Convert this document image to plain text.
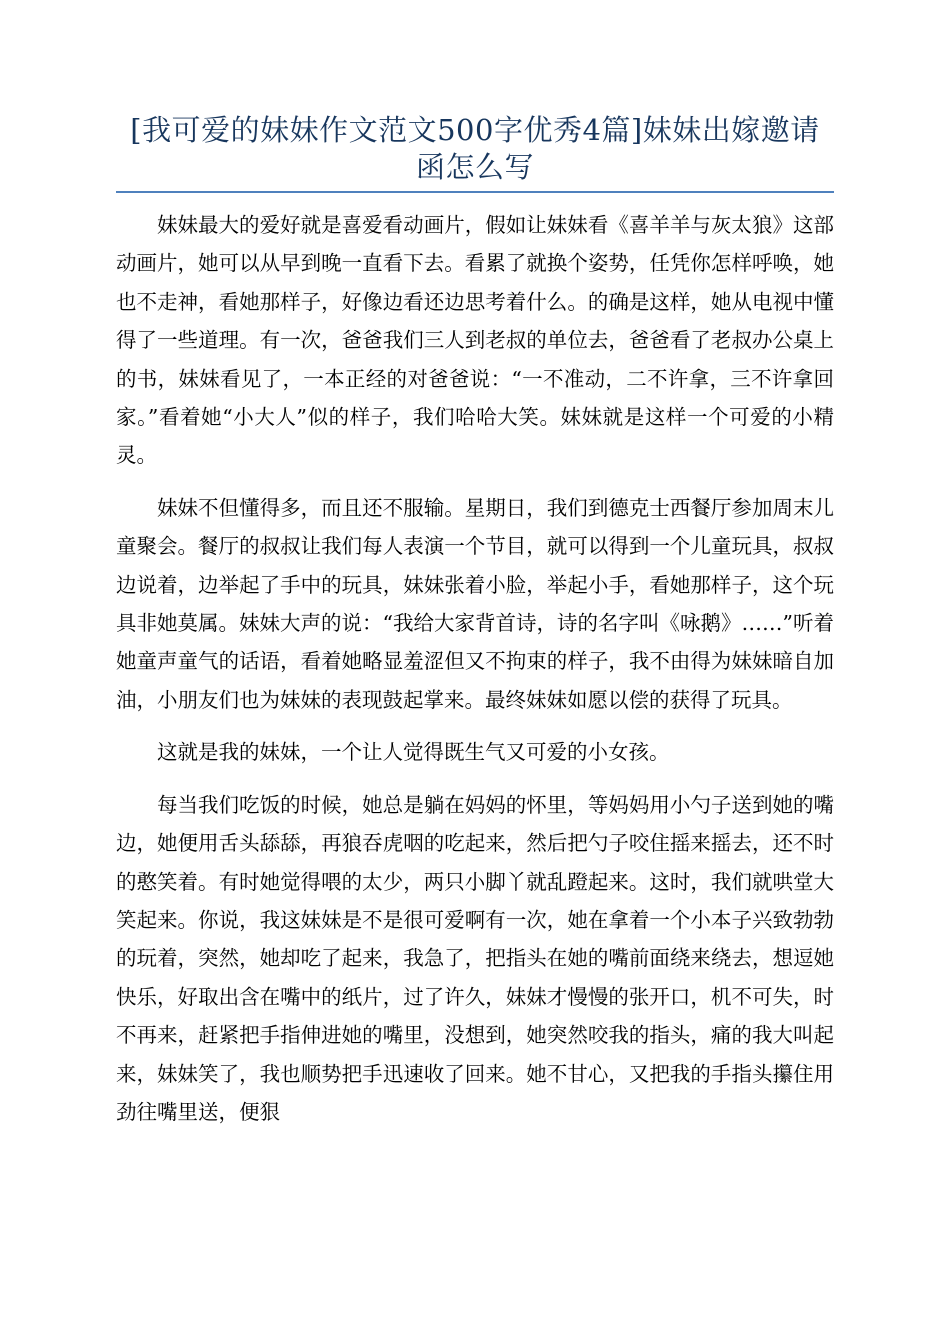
[我可爱的妹妹作文范文500字优秀4篇]妹妹出嫁邀请函怎么写

妹妹最大的爱好就是喜爱看动画片，假如让妹妹看《喜羊羊与灰太狼》这部动画片，她可以从早到晚一直看下去。看累了就换个姿势，任凭你怎样呼唤，她也不走神，看她那样子，好像边看还边思考着什么。的确是这样，她从电视中懂得了一些道理。有一次，爸爸我们三人到老叔的单位去，爸爸看了老叔办公桌上的书，妹妹看见了，一本正经的对爸爸说：“一不准动，二不许拿，三不许拿回家。”看着她“小大人”似的样子，我们哈哈大笑。妹妹就是这样一个可爱的小精灵。

妹妹不但懂得多，而且还不服输。星期日，我们到德克士西餐厅参加周末儿童聚会。餐厅的叔叔让我们每人表演一个节目，就可以得到一个儿童玩具，叔叔边说着，边举起了手中的玩具，妹妹张着小脸，举起小手，看她那样子，这个玩具非她莫属。妹妹大声的说：“我给大家背首诗，诗的名字叫《咏鹅》……”听着她童声童气的话语，看着她略显羞涩但又不拘束的样子，我不由得为妹妹暗自加油，小朋友们也为妹妹的表现鼓起掌来。最终妹妹如愿以偿的获得了玩具。

这就是我的妹妹，一个让人觉得既生气又可爱的小女孩。

每当我们吃饭的时候，她总是躺在妈妈的怀里，等妈妈用小勺子送到她的嘴边，她便用舌头舔舔，再狼吞虎咽的吃起来，然后把勺子咬住摇来摇去，还不时的憨笑着。有时她觉得喂的太少，两只小脚丫就乱蹬起来。这时，我们就哄堂大笑起来。你说，我这妹妹是不是很可爱啊有一次，她在拿着一个小本子兴致勃勃的玩着，突然，她却吃了起来，我急了，把指头在她的嘴前面绕来绕去，想逗她快乐，好取出含在嘴中的纸片，过了许久，妹妹才慢慢的张开口，机不可失，时不再来，赶紧把手指伸进她的嘴里，没想到，她突然咬我的指头，痛的我大叫起来，妹妹笑了，我也顺势把手迅速收了回来。她不甘心，又把我的手指头攥住用劲往嘴里送，便狠
